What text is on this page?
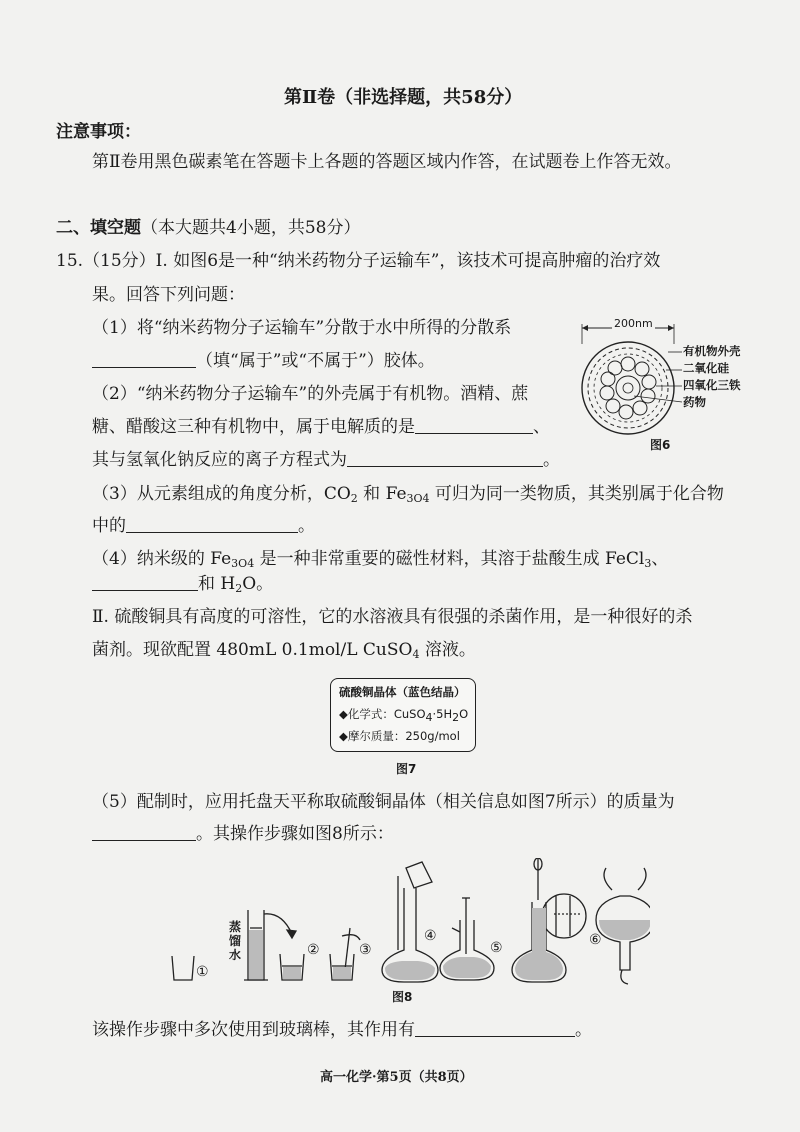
第Ⅱ卷（非选择题，共58分）
注意事项：
第Ⅱ卷用黑色碳素笔在答题卡上各题的答题区域内作答，在试题卷上作答无效。
二、填空题（本大题共4小题，共58分）
15.（15分）Ⅰ. 如图6是一种“纳米药物分子运输车”，该技术可提高肿瘤的治疗效
果。回答下列问题：
（1）将“纳米药物分子运输车”分散于水中所得的分散系
（填“属于”或“不属于”）胶体。
（2）“纳米药物分子运输车”的外壳属于有机物。酒精、蔗
糖、醋酸这三种有机物中，属于电解质的是	、
其与氢氧化钠反应的离子方程式为	。
（3）从元素组成的角度分析，$CO_2$ 和 $Fe_3O_4$ 可归为同一类物质，其类别属于化合物
中的	。
（4）纳米级的 $Fe_3O_4$ 是一种非常重要的磁性材料，其溶于盐酸生成 FeCl$_3$、
和 $H_2O$。
Ⅱ. 硫酸铜具有高度的可溶性，它的水溶液具有很强的杀菌作用，是一种很好的杀
菌剂。现欲配置 480mL 0.1mol/L CuSO$_4$ 溶液。
200nm
有机物外壳
二氧化硅
四氧化三铁
药物
图6
硫酸铜晶体（蓝色结晶）
◆化学式：$CuSO_4\cdot 5H_2O$
◆摩尔质量：250g/mol
图7
（5）配制时，应用托盘天平称取硫酸铜晶体（相关信息如图7所示）的质量为
。其操作步骤如图8所示：
①
蒸
馏
水	②	③
④
⑤	⑥
图8
该操作步骤中多次使用到玻璃棒，其作用有	。
高一化学·第5页（共8页）
